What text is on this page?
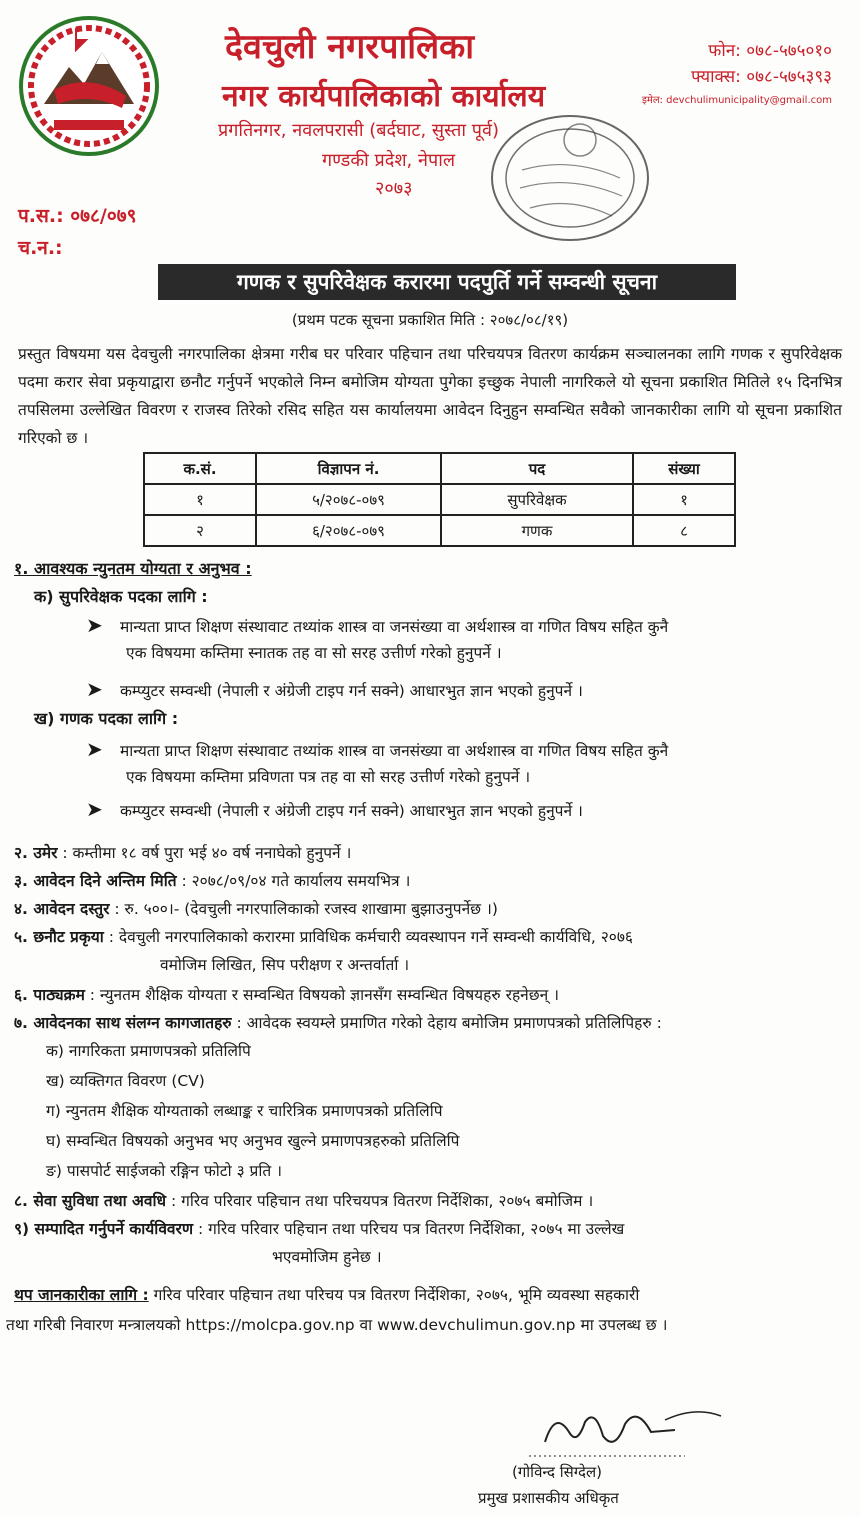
देवचुली नगरपालिका
नगर कार्यपालिकाको कार्यालय
प्रगतिनगर, नवलपरासी (बर्दघाट, सुस्ता पूर्व)
गण्डकी प्रदेश, नेपाल
२०७३
फोन: ०७८-५७५०१०
फ्याक्स: ०७८-५७५३९३
इमेल: devchulimunicipality@gmail.com
प.स.: ०७८/०७९
च.न.:
गणक र सुपरिवेक्षक करारमा पदपुर्ति गर्ने सम्वन्धी सूचना
(प्रथम पटक सूचना प्रकाशित मिति : २०७८/०८/१९)
प्रस्तुत विषयमा यस देवचुली नगरपालिका क्षेत्रमा गरीब घर परिवार पहिचान तथा परिचयपत्र वितरण कार्यक्रम सञ्चालनका लागि गणक र सुपरिवेक्षक पदमा करार सेवा प्रकृयाद्वारा छनौट गर्नुपर्ने भएकोले निम्न बमोजिम योग्यता पुगेका इच्छुक नेपाली नागरिकले यो सूचना प्रकाशित मितिले १५ दिनभित्र तपसिलमा उल्लेखित विवरण र राजस्व तिरेको रसिद सहित यस कार्यालयमा आवेदन दिनुहुन सम्वन्धित सवैको जानकारीका लागि यो सूचना प्रकाशित गरिएको छ ।
क.सं.	विज्ञापन नं.	पद	संख्या
१	५/२०७८-०७९	सुपरिवेक्षक	१
२	६/२०७८-०७९	गणक	८
१. आवश्यक न्युनतम योग्यता र अनुभव :
क) सुपरिवेक्षक पदका लागि :
➤ मान्यता प्राप्त शिक्षण संस्थावाट तथ्यांक शास्त्र वा जनसंख्या वा अर्थशास्त्र वा गणित विषय सहित कुनै
एक विषयमा कम्तिमा स्नातक तह वा सो सरह उत्तीर्ण गरेको हुनुपर्ने ।
➤ कम्प्युटर सम्वन्धी (नेपाली र अंग्रेजी टाइप गर्न सक्ने) आधारभुत ज्ञान भएको हुनुपर्ने ।
ख) गणक पदका लागि :
➤ मान्यता प्राप्त शिक्षण संस्थावाट तथ्यांक शास्त्र वा जनसंख्या वा अर्थशास्त्र वा गणित विषय सहित कुनै
एक विषयमा कम्तिमा प्रविणता पत्र तह वा सो सरह उत्तीर्ण गरेको हुनुपर्ने ।
➤ कम्प्युटर सम्वन्धी (नेपाली र अंग्रेजी टाइप गर्न सक्ने) आधारभुत ज्ञान भएको हुनुपर्ने ।
२. उमेर : कम्तीमा १८ वर्ष पुरा भई ४० वर्ष ननाघेको हुनुपर्ने ।
३. आवेदन दिने अन्तिम मिति : २०७८/०९/०४ गते कार्यालय समयभित्र ।
४. आवेदन दस्तुर : रु. ५००।- (देवचुली नगरपालिकाको रजस्व शाखामा बुझाउनुपर्नेछ ।)
५. छनौट प्रकृया : देवचुली नगरपालिकाको करारमा प्राविधिक कर्मचारी व्यवस्थापन गर्ने सम्वन्धी कार्यविधि, २०७६
वमोजिम लिखित, सिप परीक्षण र अन्तर्वार्ता ।
६. पाठ्यक्रम : न्युनतम शैक्षिक योग्यता र सम्वन्धित विषयको ज्ञानसँग सम्वन्धित विषयहरु रहनेछन् ।
७. आवेदनका साथ संलग्न कागजातहरु : आवेदक स्वयम्ले प्रमाणित गरेको देहाय बमोजिम प्रमाणपत्रको प्रतिलिपिहरु :
क) नागरिकता प्रमाणपत्रको प्रतिलिपि
ख) व्यक्तिगत विवरण (CV)
ग) न्युनतम शैक्षिक योग्यताको लब्धाङ्क र चारित्रिक प्रमाणपत्रको प्रतिलिपि
घ) सम्वन्धित विषयको अनुभव भए अनुभव खुल्ने प्रमाणपत्रहरुको प्रतिलिपि
ङ) पासपोर्ट साईजको रङ्गिन फोटो ३ प्रति ।
८. सेवा सुविधा तथा अवधि : गरिव परिवार पहिचान तथा परिचयपत्र वितरण निर्देशिका, २०७५ बमोजिम ।
९) सम्पादित गर्नुपर्ने कार्यविवरण : गरिव परिवार पहिचान तथा परिचय पत्र वितरण निर्देशिका, २०७५ मा उल्लेख
भएवमोजिम हुनेछ ।
थप जानकारीका लागि : गरिव परिवार पहिचान तथा परिचय पत्र वितरण निर्देशिका, २०७५, भूमि व्यवस्था सहकारी
तथा गरिबी निवारण मन्त्रालयको https://molcpa.gov.np वा www.devchulimun.gov.np मा उपलब्ध छ ।
(गोविन्द सिग्देल)
प्रमुख प्रशासकीय अधिकृत
